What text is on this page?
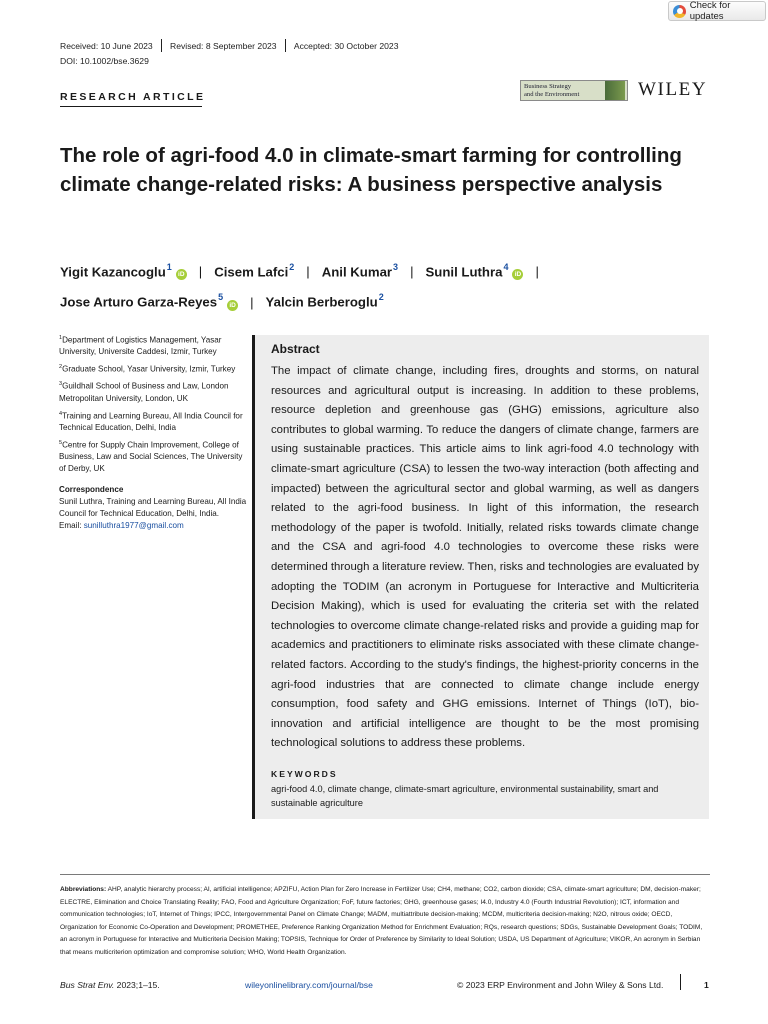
Check for updates
Received: 10 June 2023 Revised: 8 September 2023 Accepted: 30 October 2023
DOI: 10.1002/bse.3629
RESEARCH ARTICLE
Business Strategy
and the Environment	WILEY
The role of agri-food 4.0 in climate-smart farming for controlling climate change-related risks: A business perspective analysis
Yigit Kazancoglu$^1$iD | Cisem Lafci$^2$ | Anil Kumar$^3$ | Sunil Luthra$^4$iD |
Jose Arturo Garza-Reyes$^5$iD | Yalcin Berberoglu$^2$

$^1$Department of Logistics Management, Yasar University, Universite Caddesi, Izmir, Turkey

$^2$Graduate School, Yasar University, Izmir, Turkey

$^3$Guildhall School of Business and Law, London Metropolitan University, London, UK

$^4$Training and Learning Bureau, All India Council for Technical Education, Delhi, India

$^5$Centre for Supply Chain Improvement, College of Business, Law and Social Sciences, The University of Derby, UK

Correspondence

Sunil Luthra, Training and Learning Bureau, All India Council for Technical Education, Delhi, India.
Email: sunilluthra1977@gmail.com

Abstract
The impact of climate change, including fires, droughts and storms, on natural resources and agricultural output is increasing. In addition to these problems, resource depletion and greenhouse gas (GHG) emissions, agriculture also contributes to global warming. To reduce the dangers of climate change, farmers are using sustainable practices. This article aims to link agri-food 4.0 technology with climate-smart agriculture (CSA) to lessen the two-way interaction (both affecting and impacted) between the agricultural sector and global warming, as well as dangers related to the agri-food business. In light of this information, the research methodology of the paper is twofold. Initially, related risks towards climate change and the CSA and agri-food 4.0 technologies to overcome these risks were determined through a literature review. Then, risks and technologies are evaluated by adopting the TODIM (an acronym in Portuguese for Interactive and Multicriteria Decision Making), which is used for evaluating the criteria set with the related technologies to overcome climate change-related risks and provide a guiding map for academics and practitioners to eliminate risks associated with these climate change-related factors. According to the study's findings, the highest-priority concerns in the agri-food industries that are connected to climate change include energy consumption, food safety and GHG emissions. Internet of Things (IoT), bio-innovation and artificial intelligence are thought to be the most promising technological solutions to address these problems.
KEYWORDS
agri-food 4.0, climate change, climate-smart agriculture, environmental sustainability, smart and sustainable agriculture
Abbreviations: AHP, analytic hierarchy process; AI, artificial intelligence; APZIFU, Action Plan for Zero Increase in Fertilizer Use; CH4, methane; CO2, carbon dioxide; CSA, climate-smart agriculture; DM, decision-maker; ELECTRE, Elimination and Choice Translating Reality; FAO, Food and Agriculture Organization; FoF, future factories; GHG, greenhouse gases; I4.0, Industry 4.0 (Fourth Industrial Revolution); ICT, information and communication technologies; IoT, Internet of Things; IPCC, Intergovernmental Panel on Climate Change; MADM, multiattribute decision-making; MCDM, multicriteria decision-making; N2O, nitrous oxide; OECD, Organization for Economic Co-Operation and Development; PROMETHEE, Preference Ranking Organization Method for Enrichment Evaluation; RQs, research questions; SDGs, Sustainable Development Goals; TODIM, an acronym in Portuguese for Interactive and Multicriteria Decision Making; TOPSIS, Technique for Order of Preference by Similarity to Ideal Solution; USDA, US Department of Agriculture; VIKOR, An acronym in Serbian that means multicriterion optimization and compromise solution; WHO, World Health Organization.
Bus Strat Env. 2023;1–15.	wileyonlinelibrary.com/journal/bse	© 2023 ERP Environment and John Wiley & Sons Ltd.	1
